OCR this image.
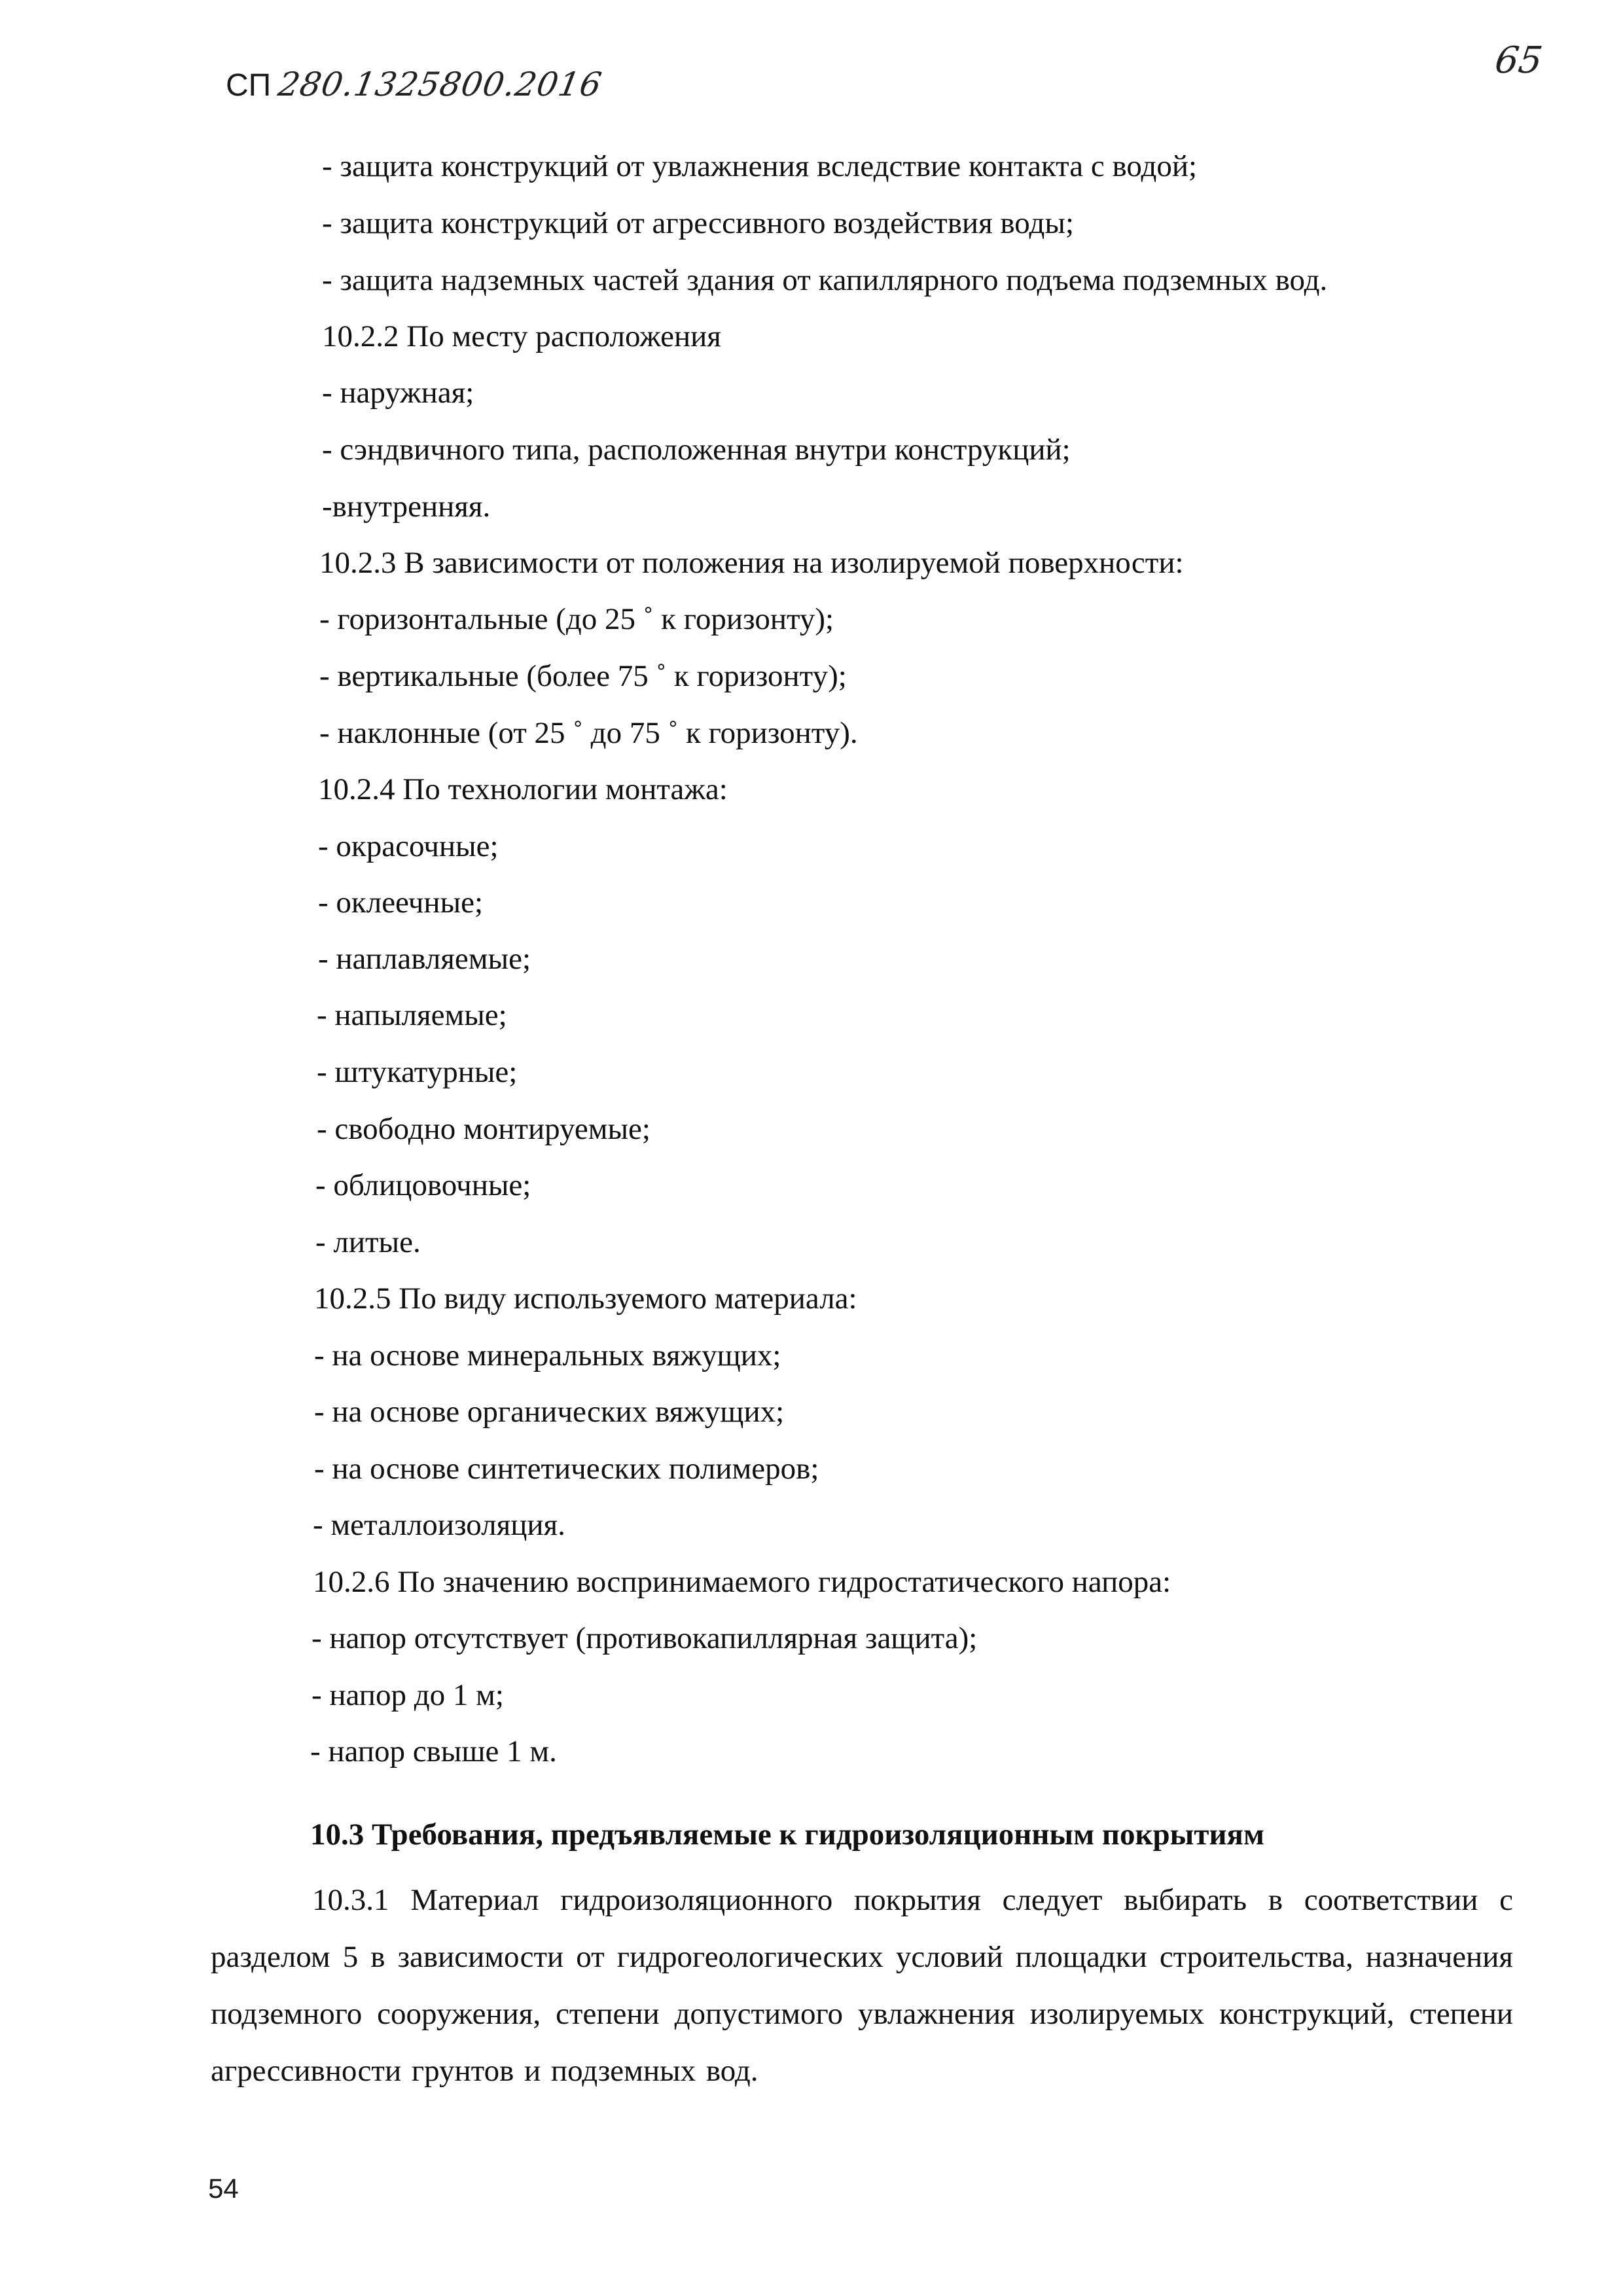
СП 280.1325800.2016
65
- защита конструкций от увлажнения вследствие контакта с водой;
- защита конструкций от агрессивного воздействия воды;
- защита надземных частей здания от капиллярного подъема подземных вод.
10.2.2 По месту расположения
- наружная;
- сэндвичного типа, расположенная внутри конструкций;
-внутренняя.
10.2.3 В зависимости от положения на изолируемой поверхности:
- горизонтальные (до 25 ˚ к горизонту);
- вертикальные (более 75 ˚ к горизонту);
- наклонные (от 25 ˚ до 75 ˚ к горизонту).
10.2.4 По технологии монтажа:
- окрасочные;
- оклеечные;
- наплавляемые;
- напыляемые;
- штукатурные;
- свободно монтируемые;
- облицовочные;
- литые.
10.2.5 По виду используемого материала:
- на основе минеральных вяжущих;
- на основе органических вяжущих;
- на основе синтетических полимеров;
- металлоизоляция.
10.2.6 По значению воспринимаемого гидростатического напора:
- напор отсутствует (противокапиллярная защита);
- напор до 1 м;
- напор свыше 1 м.
10.3 Требования, предъявляемые к гидроизоляционным покрытиям
10.3.1 Материал гидроизоляционного покрытия следует выбирать в соответствии с разделом 5 в зависимости от гидрогеологических условий площадки строительства, назначения подземного сооружения, степени допустимого увлажнения изолируемых конструкций, степени агрессивности грунтов и подземных вод.
54
